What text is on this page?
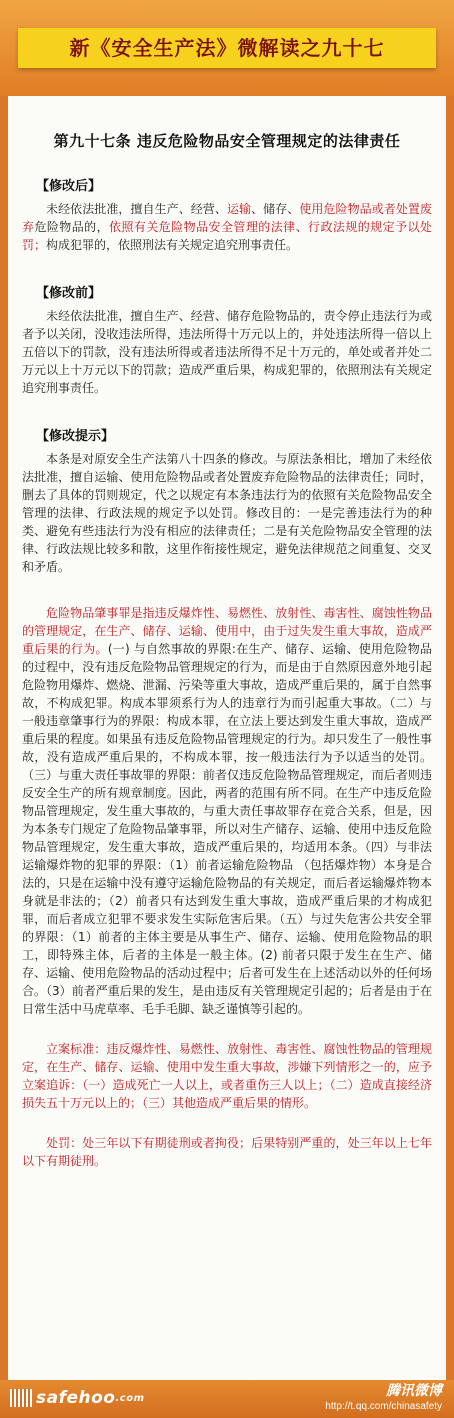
新《安全生产法》微解读之九十七
第九十七条 违反危险物品安全管理规定的法律责任
【修改后】

未经依法批准，擅自生产、经营、运输、储存、使用危险物品或者处置废弃危险物品的，依照有关危险物品安全管理的法律、行政法规的规定予以处罚；构成犯罪的，依照刑法有关规定追究刑事责任。

【修改前】

未经依法批准，擅自生产、经营、储存危险物品的，责令停止违法行为或者予以关闭，没收违法所得，违法所得十万元以上的，并处违法所得一倍以上五倍以下的罚款，没有违法所得或者违法所得不足十万元的，单处或者并处二万元以上十万元以下的罚款；造成严重后果，构成犯罪的，依照刑法有关规定追究刑事责任。

【修改提示】

本条是对原安全生产法第八十四条的修改。与原法条相比，增加了未经依法批准，擅自运输、使用危险物品或者处置废弃危险物品的法律责任；同时，删去了具体的罚则规定，代之以规定有本条违法行为的依照有关危险物品安全管理的法律、行政法规的规定予以处罚。修改目的：一是完善违法行为的种类、避免有些违法行为没有相应的法律责任；二是有关危险物品安全管理的法律、行政法规比较多和散，这里作衔接性规定，避免法律规范之间重复、交叉和矛盾。

危险物品肇事罪是指违反爆炸性、易燃性、放射性、毒害性、腐蚀性物品的管理规定，在生产、储存、运输、使用中，由于过失发生重大事故，造成严重后果的行为。(一) 与自然事故的界限:在生产、储存、运输、使用危险物品的过程中，没有违反危险物品管理规定的行为，而是由于自然原因意外地引起危险物用爆炸、燃烧、泄漏、污染等重大事故，造成严重后果的，属于自然事故，不构成犯罪。构成本罪须系行为人的违章行为而引起重大事故。（二）与一般违章肇事行为的界限：构成本罪，在立法上要达到发生重大事故，造成严重后果的程度。如果虽有违反危险物品管理规定的行为。却只发生了一般性事故，没有造成严重后果的，不构成本罪，按一般违法行为予以适当的处罚。（三）与重大责任事故罪的界限：前者仅违反危险物品管理规定，而后者则违反安全生产的所有规章制度。因此，两者的范围有所不同。在生产中违反危险物品管理规定，发生重大事故的，与重大责任事故罪存在竞合关系，但是，因为本条专门规定了危险物品肇事罪，所以对生产储存、运输、使用中违反危险物品管理规定，发生重大事故，造成严重后果的，均适用本条。（四）与非法运输爆炸物的犯罪的界限：（1）前者运输危险物品 （包括爆炸物）本身是合法的，只是在运输中没有遵守运输危险物品的有关规定，而后者运输爆炸物本身就是非法的；（2）前者只有达到发生重大事故，造成严重后果的才构成犯罪，而后者成立犯罪不要求发生实际危害后果。（五）与过失危害公共安全罪的界限：（1）前者的主体主要是从事生产、储存、运输、使用危险物品的职工，即特殊主体，后者的主体是一般主体。(2) 前者只限于发生在生产、储存、运输、使用危险物品的活动过程中；后者可发生在上述活动以外的任何场合。（3）前者严重后果的发生，是由违反有关管理规定引起的；后者是由于在日常生活中马虎草率、毛手毛脚、缺乏谨慎等引起的。

立案标准：违反爆炸性、易燃性、放射性、毒害性、腐蚀性物品的管理规定，在生产、储存、运输、使用中发生重大事故，涉嫌下列情形之一的，应予立案追诉：（一）造成死亡一人以上，或者重伤三人以上；（二）造成直接经济损失五十万元以上的；（三）其他造成严重后果的情形。

处罚：处三年以下有期徒刑或者拘役；后果特别严重的，处三年以上七年以下有期徒刑。

safehoo .com	腾讯微博
http://t.qq.com/chinasafety
